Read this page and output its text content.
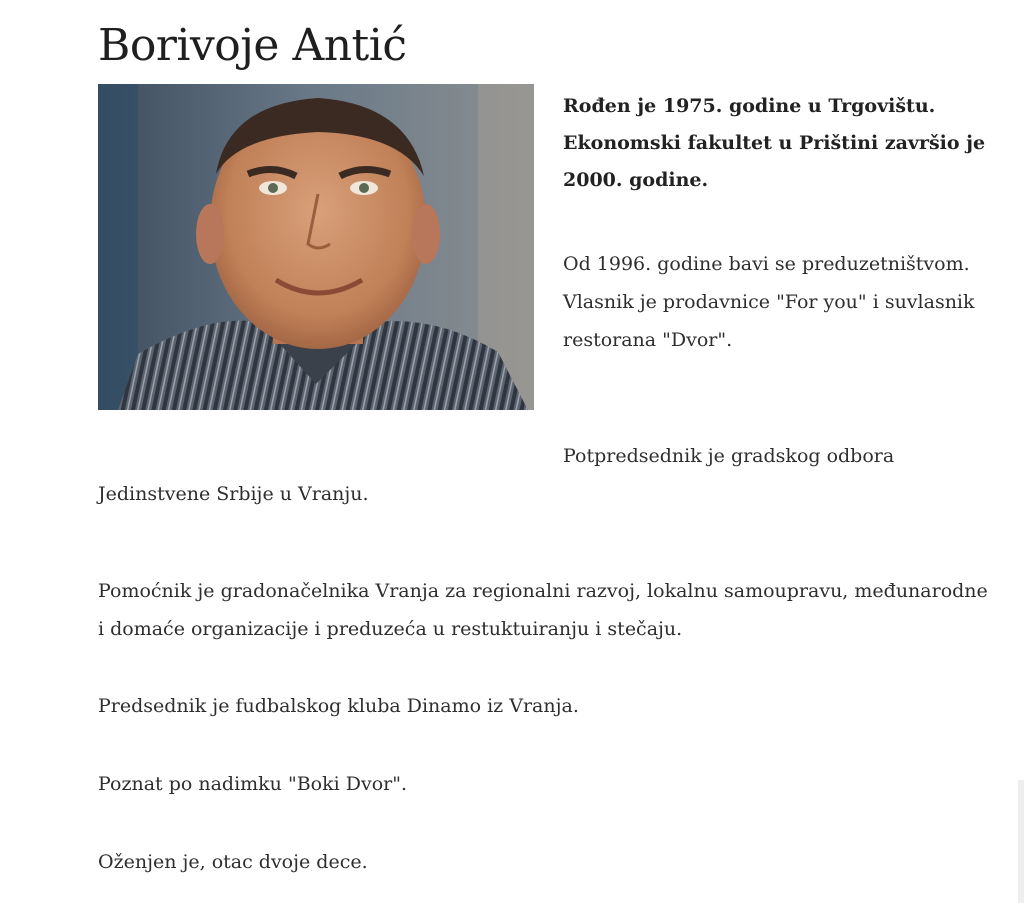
Borivoje Antić
Rođen je 1975. godine u Trgovištu. Ekonomski fakultet u Prištini završio je 2000. godine.
Od 1996. godine bavi se preduzetništvom. Vlasnik je prodavnice "For you" i suvlasnik restorana "Dvor".
Potpredsednik je gradskog odbora Jedinstvene Srbije u Vranju.
Pomoćnik je gradonačelnika Vranja za regionalni razvoj, lokalnu samoupravu, međunarodne i domaće organizacije i preduzeća u restuktuiranju i stečaju.
Predsednik je fudbalskog kluba Dinamo iz Vranja.
Poznat po nadimku "Boki Dvor".
Oženjen je, otac dvoje dece.
